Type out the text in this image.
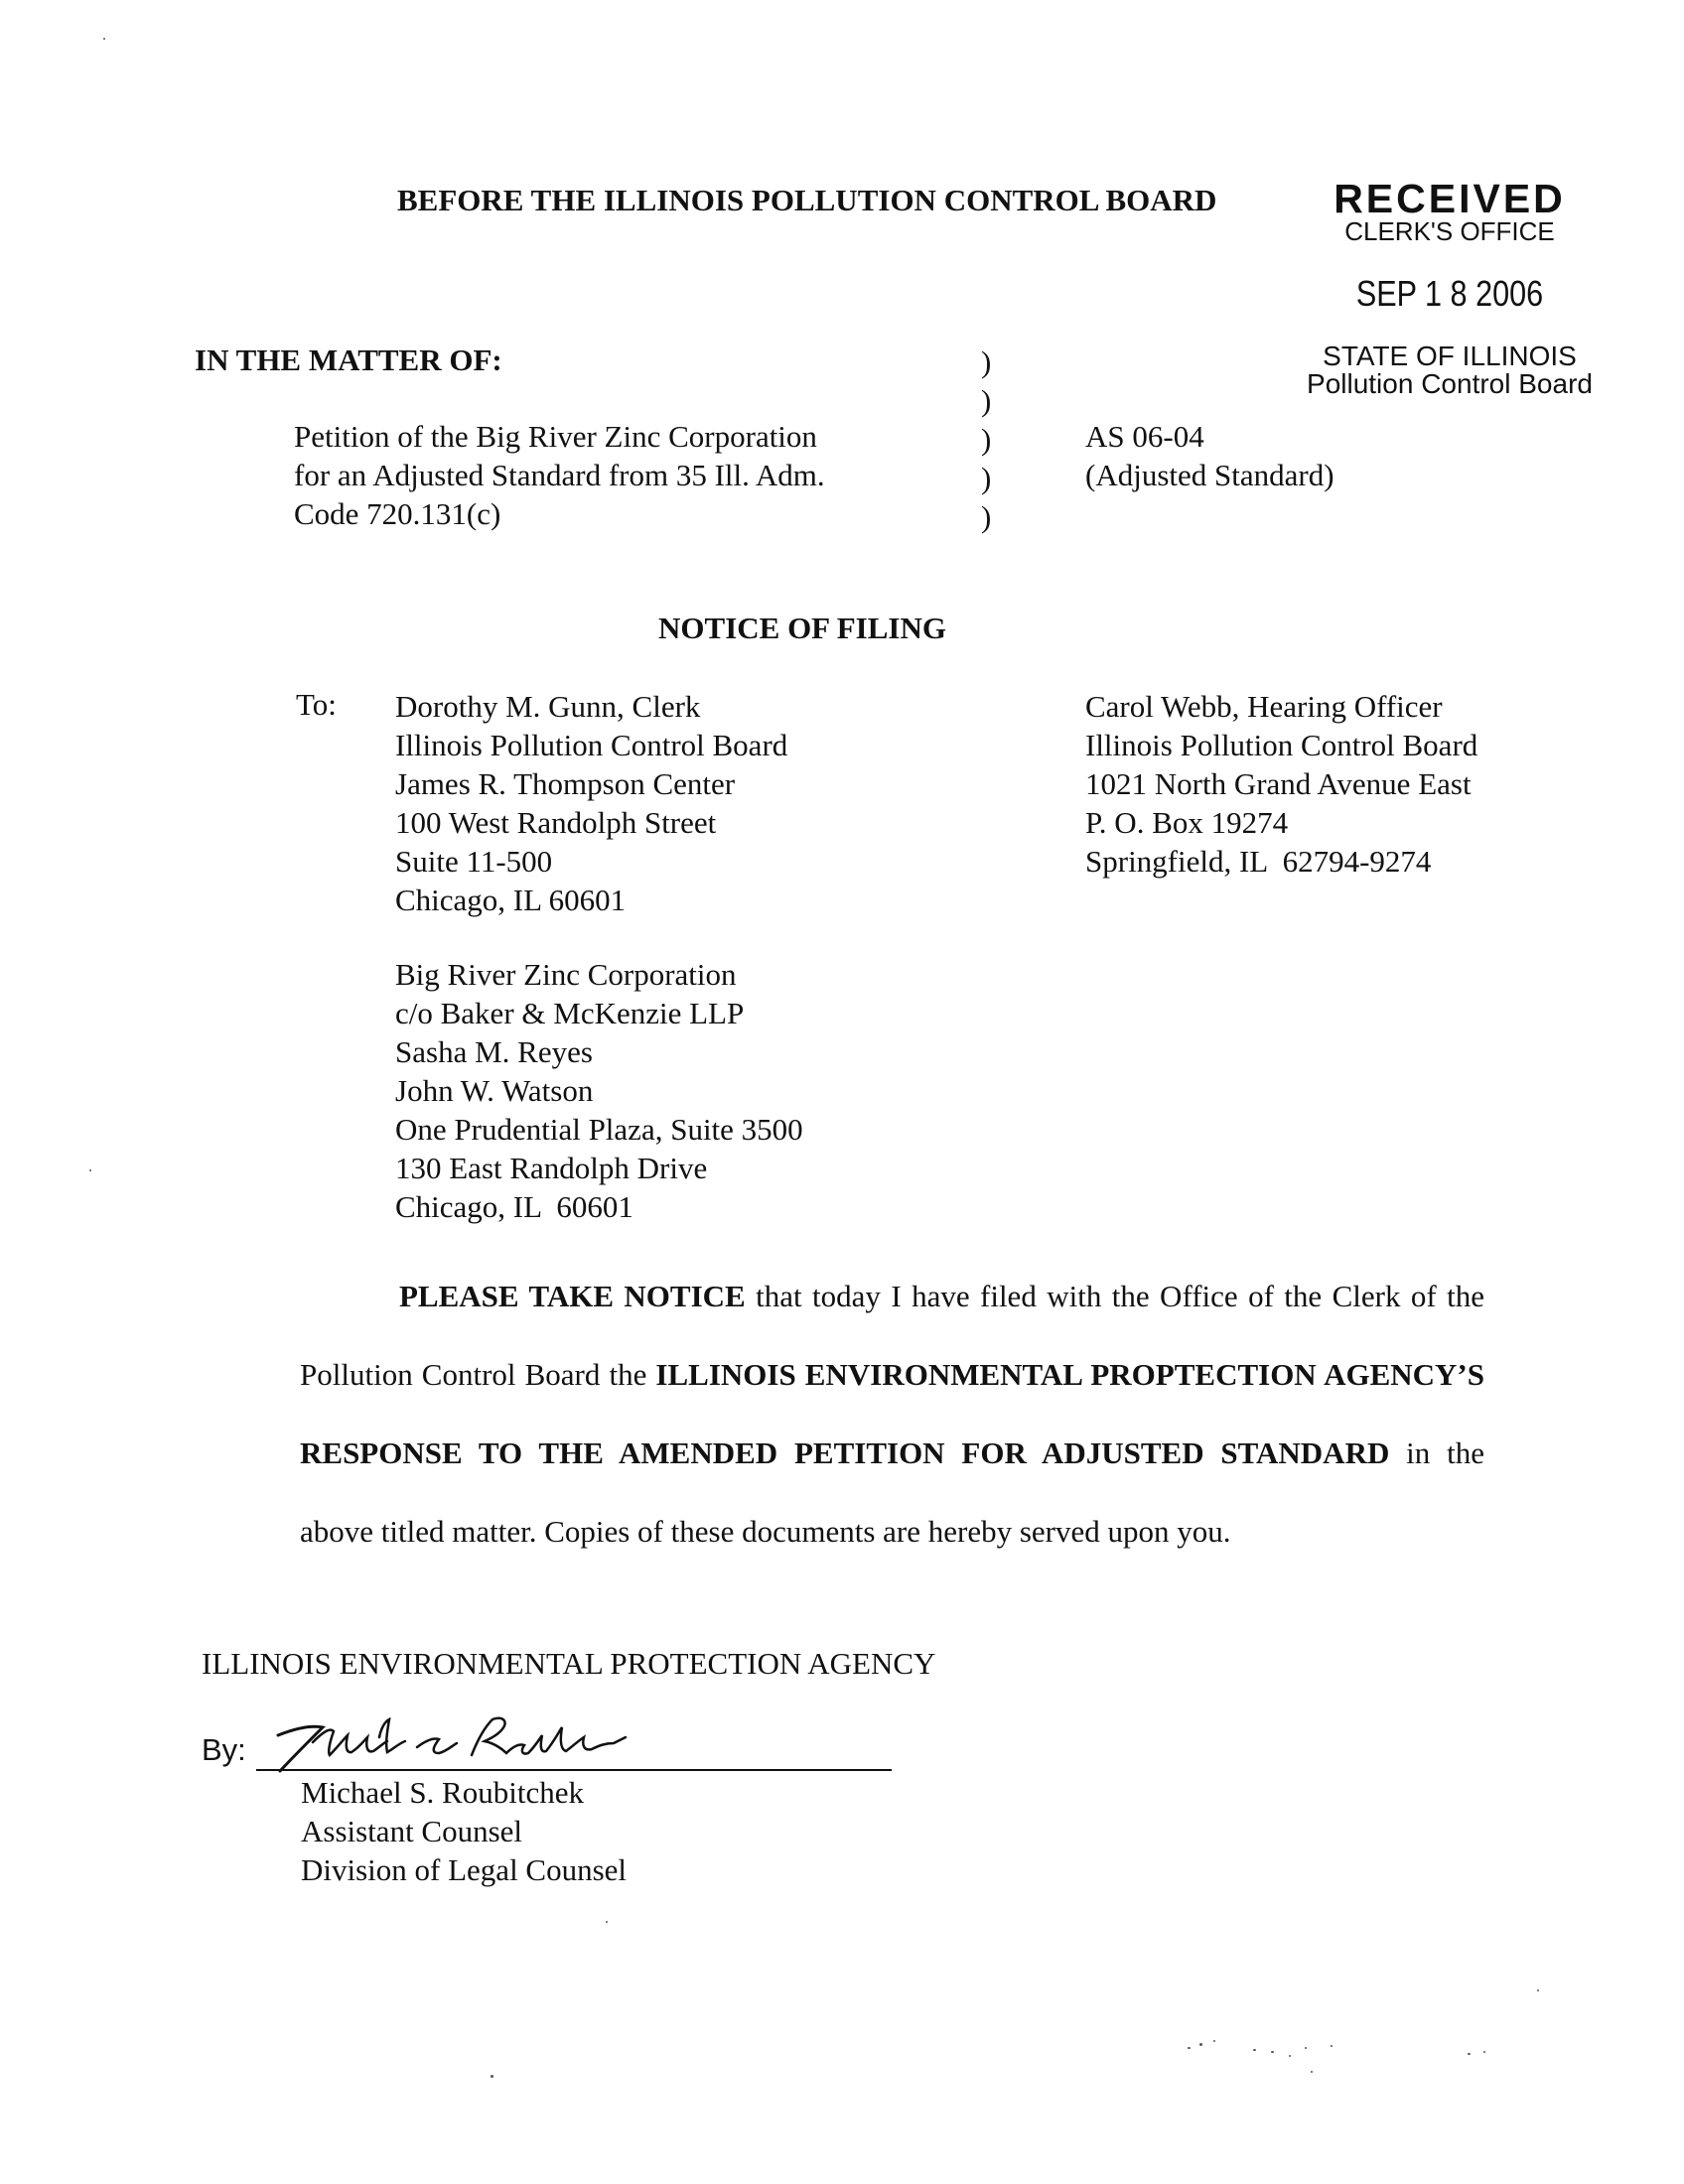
BEFORE THE ILLINOIS POLLUTION CONTROL BOARD	RECEIVED
CLERK'S OFFICE
SEP 1 8 2006
STATE OF ILLINOIS
Pollution Control Board
IN THE MATTER OF:
Petition of the Big River Zinc Corporation
for an Adjusted Standard from 35 Ill. Adm.
Code 720.131(c)
)
)
)
)
)
AS 06-04
(Adjusted Standard)
NOTICE OF FILING
To: Dorothy M. Gunn, Clerk
Illinois Pollution Control Board
James R. Thompson Center
100 West Randolph Street
Suite 11-500
Chicago, IL 60601
Carol Webb, Hearing Officer
Illinois Pollution Control Board
1021 North Grand Avenue East
P. O. Box 19274
Springfield, IL  62794-9274
Big River Zinc Corporation
c/o Baker & McKenzie LLP
Sasha M. Reyes
John W. Watson
One Prudential Plaza, Suite 3500
130 East Randolph Drive
Chicago, IL  60601
PLEASE TAKE NOTICE that today I have filed with the Office of the Clerk of the Pollution Control Board the ILLINOIS ENVIRONMENTAL PROPTECTION AGENCY’S RESPONSE TO THE AMENDED PETITION FOR ADJUSTED STANDARD in the above titled matter. Copies of these documents are hereby served upon you.
ILLINOIS ENVIRONMENTAL PROTECTION AGENCY
By:
Michael S. Roubitchek
Assistant Counsel
Division of Legal Counsel
